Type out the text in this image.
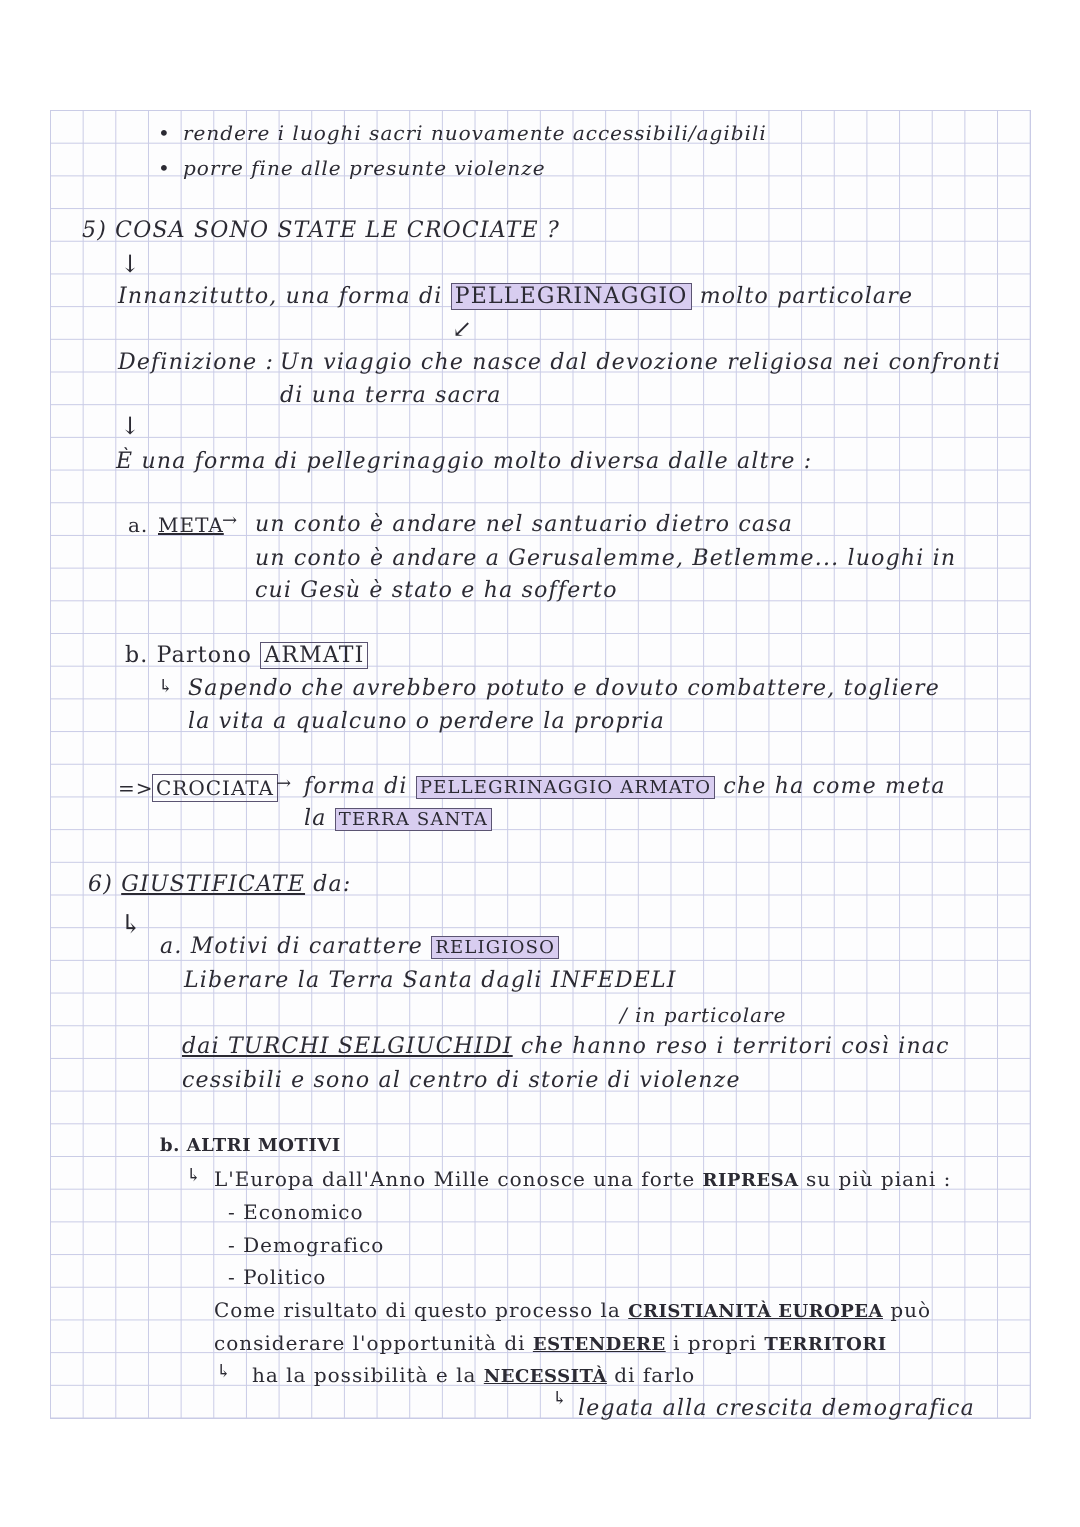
• rendere i luoghi sacri nuovamente accessibili/agibili
• porre fine alle presunte violenze
5) COSA SONO STATE LE CROCIATE ?
↓
Innanzitutto, una forma di PELLEGRINAGGIO molto particolare
↙
Definizione : Un viaggio che nasce dal devozione religiosa nei confronti
di una terra sacra
↓
È una forma di pellegrinaggio molto diversa dalle altre :
a. META
→ un conto è andare nel santuario dietro casa
un conto è andare a Gerusalemme, Betlemme... luoghi in
cui Gesù è stato e ha sofferto
b. Partono ARMATI
↳ Sapendo che avrebbero potuto e dovuto combattere, togliere
la vita a qualcuno o perdere la propria
=> CROCIATA → forma di PELLEGRINAGGIO ARMATO che ha come meta
la TERRA SANTA
6) GIUSTIFICATE da:
↳
a. Motivi di carattere RELIGIOSO
Liberare la Terra Santa dagli INFEDELI
/ in particolare
dai TURCHI SELGIUCHIDI che hanno reso i territori così inac
cessibili e sono al centro di storie di violenze
b. ALTRI MOTIVI
↳ L'Europa dall'Anno Mille conosce una forte RIPRESA su più piani :
- Economico
- Demografico
- Politico
Come risultato di questo processo la CRISTIANITÀ EUROPEA può
considerare l'opportunità di ESTENDERE i propri TERRITORI
↳ ha la possibilità e la NECESSITÀ di farlo
↳ legata alla crescita demografica
